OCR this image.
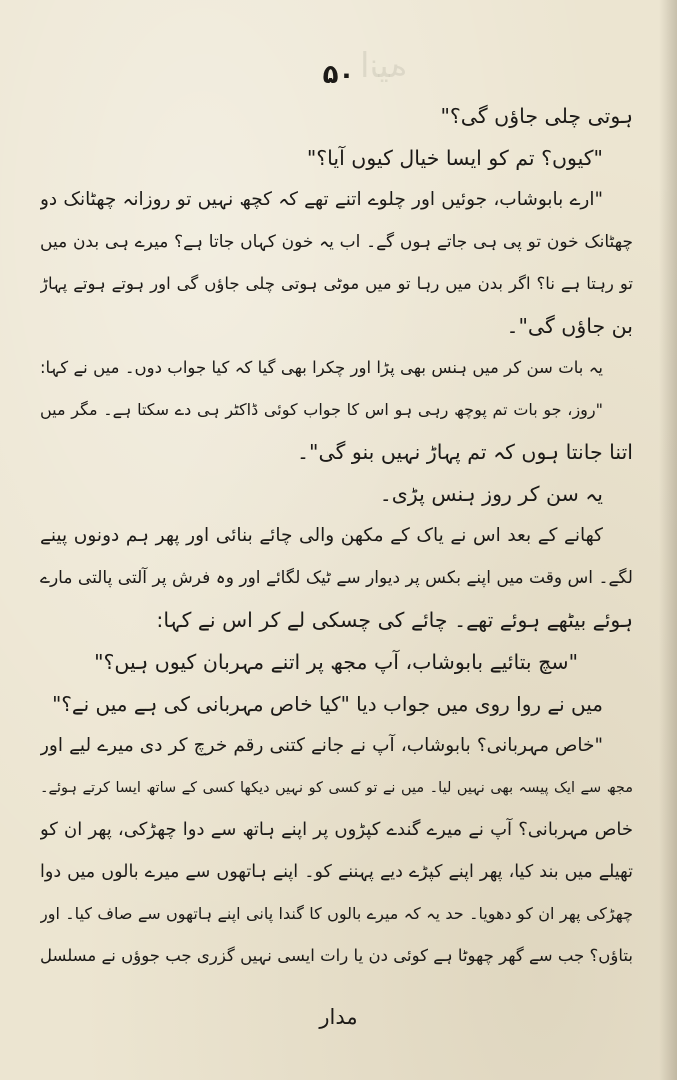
ﺍﻧﻴﻪ
۵۰
ہوتی چلی جاؤں گی؟"
"کیوں؟ تم کو ایسا خیال کیوں آیا؟"
"ارے بابوشاب، جوئیں اور چلوے اتنے تھے کہ کچھ نہیں تو روزانہ چھٹانک دو
چھٹانک خون تو پی ہی جاتے ہوں گے۔ اب یہ خون کہاں جاتا ہے؟ میرے ہی بدن میں
تو رہتا ہے نا؟ اگر بدن میں رہا تو میں موٹی ہوتی چلی جاؤں گی اور ہوتے ہوتے پہاڑ
بن جاؤں گی"۔
یہ بات سن کر میں ہنس بھی پڑا اور چکرا بھی گیا کہ کیا جواب دوں۔ میں نے کہا:
"روز، جو بات تم پوچھ رہی ہو اس کا جواب کوئی ڈاکٹر ہی دے سکتا ہے۔ مگر میں
اتنا جانتا ہوں کہ تم پہاڑ نہیں بنو گی"۔
یہ سن کر روز ہنس پڑی۔
کھانے کے بعد اس نے یاک کے مکھن والی چائے بنائی اور پھر ہم دونوں پینے
لگے۔ اس وقت میں اپنے بکس پر دیوار سے ٹیک لگائے اور وہ فرش پر آلتی پالتی مارے
ہوئے بیٹھے ہوئے تھے۔ چائے کی چسکی لے کر اس نے کہا:
"سچ بتائیے بابوشاب، آپ مجھ پر اتنے مہربان کیوں ہیں؟"
میں نے روا روی میں جواب دیا "کیا خاص مہربانی کی ہے میں نے؟"
"خاص مہربانی؟ بابوشاب، آپ نے جانے کتنی رقم خرچ کر دی میرے لیے اور
مجھ سے ایک پیسہ بھی نہیں لیا۔ میں نے تو کسی کو نہیں دیکھا کسی کے ساتھ ایسا کرتے ہوئے۔
خاص مہربانی؟ آپ نے میرے گندے کپڑوں پر اپنے ہاتھ سے دوا چھڑکی، پھر ان کو
تھیلے میں بند کیا، پھر اپنے کپڑے دیے پہننے کو۔ اپنے ہاتھوں سے میرے بالوں میں دوا
چھڑکی پھر ان کو دھویا۔ حد یہ کہ میرے بالوں کا گندا پانی اپنے ہاتھوں سے صاف کیا۔ اور
بتاؤں؟ جب سے گھر چھوٹا ہے کوئی دن یا رات ایسی نہیں گزری جب جوؤں نے مسلسل
مدار
